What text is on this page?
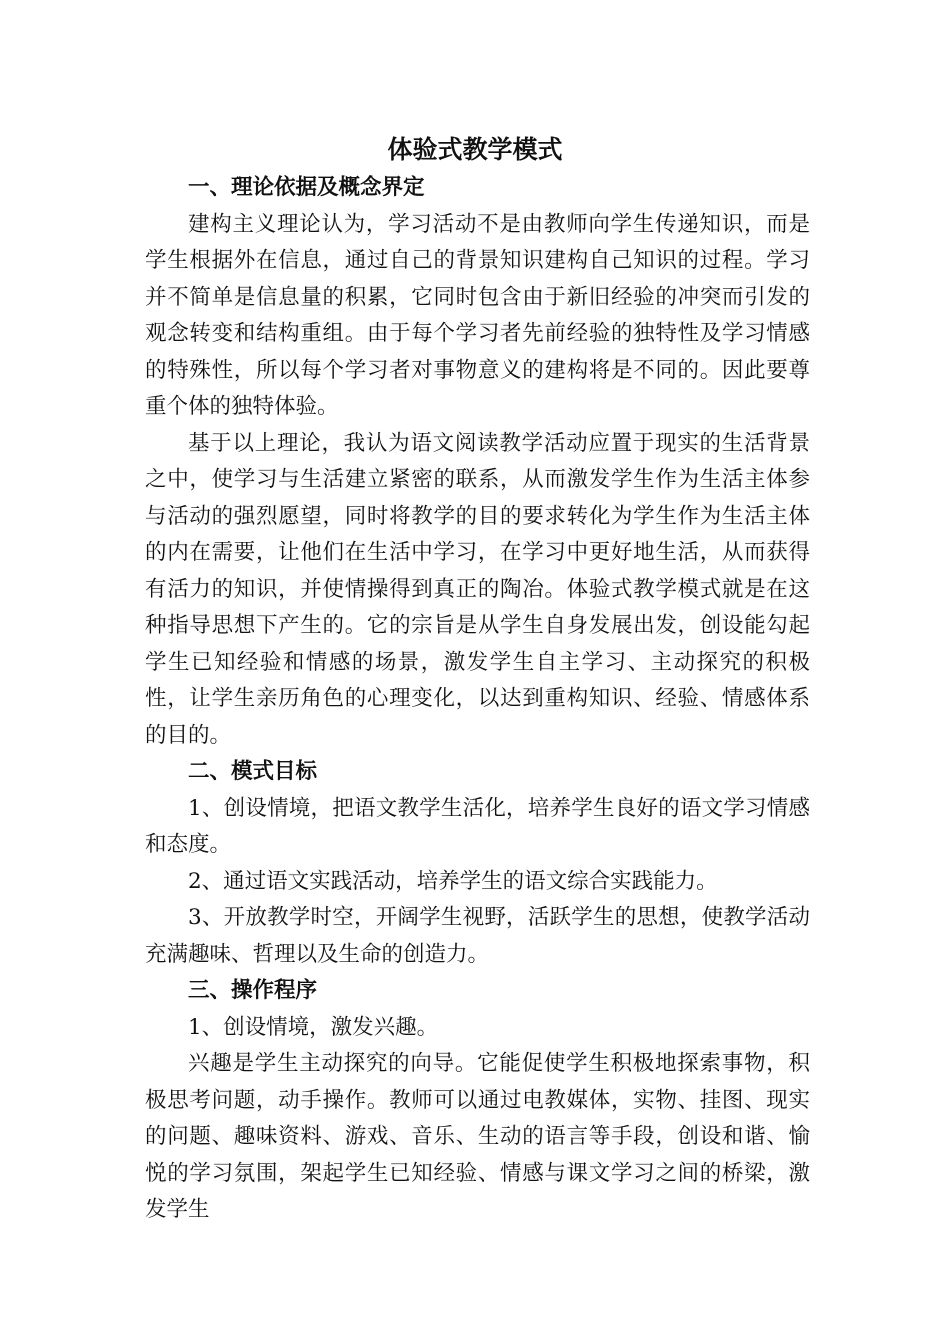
体验式教学模式

一、理论依据及概念界定

建构主义理论认为，学习活动不是由教师向学生传递知识，而是学生根据外在信息，通过自己的背景知识建构自己知识的过程。学习并不简单是信息量的积累，它同时包含由于新旧经验的冲突而引发的观念转变和结构重组。由于每个学习者先前经验的独特性及学习情感的特殊性，所以每个学习者对事物意义的建构将是不同的。因此要尊重个体的独特体验。

基于以上理论，我认为语文阅读教学活动应置于现实的生活背景之中，使学习与生活建立紧密的联系，从而激发学生作为生活主体参与活动的强烈愿望，同时将教学的目的要求转化为学生作为生活主体的内在需要，让他们在生活中学习，在学习中更好地生活，从而获得有活力的知识，并使情操得到真正的陶冶。体验式教学模式就是在这种指导思想下产生的。它的宗旨是从学生自身发展出发，创设能勾起学生已知经验和情感的场景，激发学生自主学习、主动探究的积极性，让学生亲历角色的心理变化，以达到重构知识、经验、情感体系的目的。

二、模式目标

1、创设情境，把语文教学生活化，培养学生良好的语文学习情感和态度。

2、通过语文实践活动，培养学生的语文综合实践能力。

3、开放教学时空，开阔学生视野，活跃学生的思想，使教学活动充满趣味、哲理以及生命的创造力。

三、操作程序

1、创设情境，激发兴趣。

兴趣是学生主动探究的向导。它能促使学生积极地探索事物，积极思考问题，动手操作。教师可以通过电教媒体，实物、挂图、现实的问题、趣味资料、游戏、音乐、生动的语言等手段，创设和谐、愉悦的学习氛围，架起学生已知经验、情感与课文学习之间的桥梁，激发学生
